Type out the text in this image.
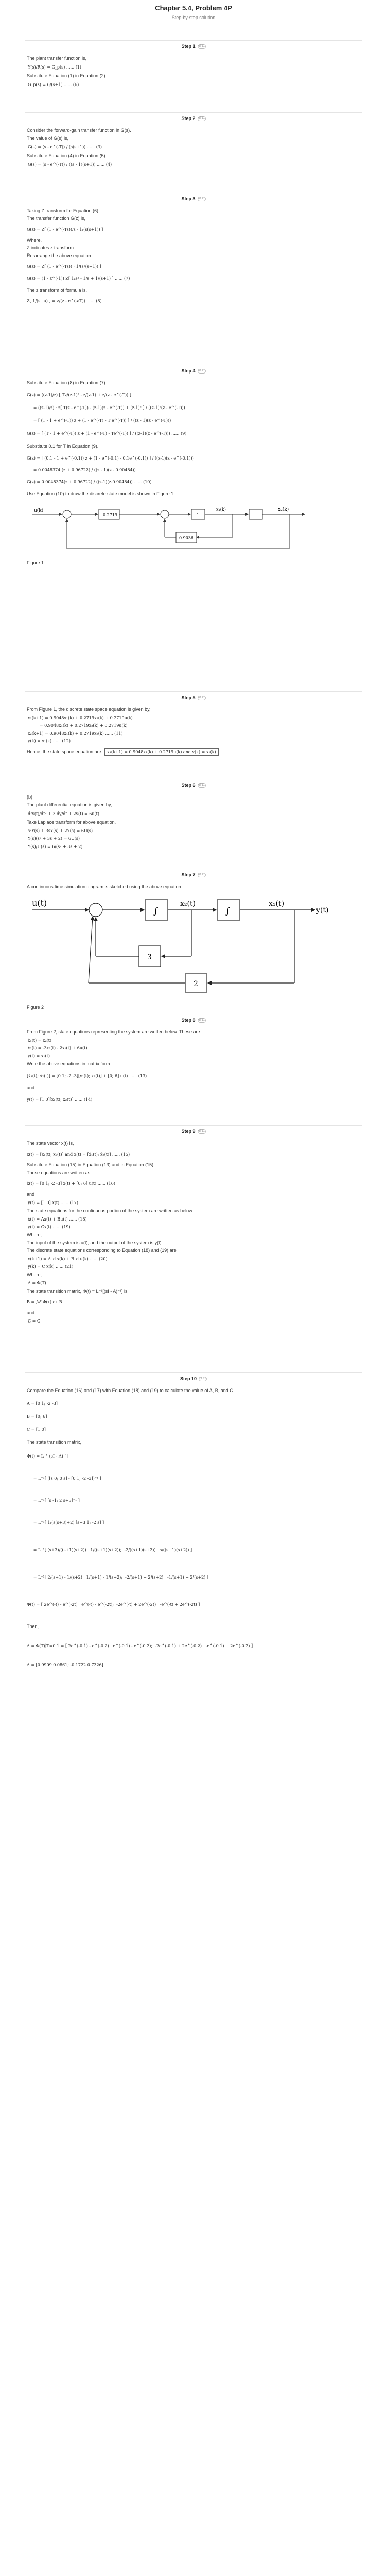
Chapter 5.4, Problem 4P
Step-by-step solution
Step 1 of 11
The plant transfer function is,
Y(s)/R(s) = G_p(s) ...... (1)
Substitute Equation (1) in Equation (2).
G_p(s) = 6/(s+1) ...... (6)
Step 2 of 11
Consider the forward-gain transfer function in G(s).
The value of G(s) is,
G(s) = (s - e^(-T)) / (s(s+1)) ...... (3)
Substitute Equation (4) in Equation (5).
G(s) = (s - e^(-T)) / ((s - 1)(s+1)) ...... (4)
Step 3 of 11
Taking Z transform for Equation (6).
The transfer function G(z) is,
G(z) = Z[ (1 - e^(-Ts))/s · 1/(s(s+1)) ]
Where,
Z indicates z transform.
Re-arrange the above equation.
G(z) = Z[ (1 - e^(-Ts)) · 1/(s²(s+1)) ]
G(z) = (1 - z^(-1)) Z[ 1/s² - 1/s + 1/(s+1) ] ...... (7)
The z transform of formula is,
Z[ 1/(s+a) ] = z/(z - e^(-aT)) ...... (8)
Step 4 of 11
Substitute Equation (8) in Equation (7).
G(z) = ((z-1)/z) [ Tz/(z-1)² - z/(z-1) + z/(z - e^(-T)) ]
= ((z-1)/z) · z[ T(z - e^(-T)) - (z-1)(z - e^(-T)) + (z-1)² ] / ((z-1)²(z - e^(-T)))
= [ (T - 1 + e^(-T)) z + (1 - e^(-T) - T e^(-T)) ] / ((z - 1)(z - e^(-T)))
G(z) = [ (T - 1 + e^(-T)) z + (1 - e^(-T) - Te^(-T)) ] / ((z-1)(z - e^(-T))) ...... (9)
Substitute 0.1 for T in Equation (9).
G(z) = [ (0.1 - 1 + e^(-0.1)) z + (1 - e^(-0.1) - 0.1e^(-0.1)) ] / ((z-1)(z - e^(-0.1)))
= 0.0048374 (z + 0.96722) / ((z - 1)(z - 0.90484))
G(z) = 0.0048374(z + 0.96722) / ((z-1)(z-0.90484)) ...... (10)
Use Equation (10) to draw the discrete state model is shown in Figure 1.
u(k)
0.2719	1
x₁(k)	x₂(k)
0.9036
Figure 1
Step 5 of 11
From Figure 1, the discrete state space equation is given by,
x₁(k+1) = 0.9048x₁(k) + 0.2719x₂(k) + 0.2719u(k)
= 0.9048x₁(k) + 0.2719x₂(k) + 0.2719u(k)
x₂(k+1) = 0.9048x₁(k) + 0.2719x₂(k) ...... (11)
y(k) = x₁(k) ...... (12)
Hence, the state space equation are x₁(k+1) = 0.9048x₁(k) + 0.2719u(k) and y(k) = x₁(k)
Step 6 of 11
(b)
The plant differential equation is given by,
d²y(t)/dt² + 3 dy/dt + 2y(t) = 6u(t)
Take Laplace transform for above equation.
s²Y(s) + 3sY(s) + 2Y(s) = 6U(s)
Y(s)(s² + 3s + 2) = 6U(s)
Y(s)/U(s) = 6/(s² + 3s + 2)
Step 7 of 11
A continuous time simulation diagram is sketched using the above equation.
u(t)
∫
x₂(t)
∫
x₁(t)
y(t)
3
2
Figure 2
Step 8 of 11
From Figure 2, state equations representing the system are written below. These are
ẋ₁(t) = x₂(t)
ẋ₂(t) = -3x₂(t) - 2x₁(t) + 6u(t)
y(t) = x₁(t)
Write the above equations in matrix form.
[ẋ₁(t); ẋ₂(t)] = [0 1; -2 -3][x₁(t); x₂(t)] + [0; 6] u(t) ...... (13)
and
y(t) = [1 0][x₁(t); x₂(t)] ...... (14)
Step 9 of 11
The state vector x(t) is,
x(t) = [x₁(t); x₂(t)] and x(t) = [ẋ₁(t); ẋ₂(t)] ...... (15)
Substitute Equation (15) in Equation (13) and in Equation (15).
These equations are written as
ẋ(t) = [0 1; -2 -3] x(t) + [0; 6] u(t) ...... (16)
and
y(t) = [1 0] x(t) ...... (17)
The state equations for the continuous portion of the system are written as below
ẋ(t) = Ax(t) + Bu(t) ...... (18)
y(t) = Cx(t) ...... (19)
Where,
The input of the system is u(t), and the output of the system is y(t).
The discrete state equations corresponding to Equation (18) and (19) are
x(k+1) = A_d x(k) + B_d u(k) ...... (20)
y(k) = C x(k) ...... (21)
Where,
A = Φ(T)
The state transition matrix, Φ(t) = L⁻¹[(sI - A)⁻¹] is
B = ∫₀ᵀ Φ(τ) dτ B
and
C = C
Step 10 of 11
Compare the Equation (16) and (17) with Equation (18) and (19) to calculate the value of A, B, and C.
A = [0 1; -2 -3]
B = [0; 6]
C = [1 0]
The state transition matrix,
Φ(t) = L⁻¹[(sI - A)⁻¹]
= L⁻¹[ ([s 0; 0 s] - [0 1; -2 -3])⁻¹ ]
= L⁻¹[ [s -1; 2 s+3]⁻¹ ]
= L⁻¹[ 1/(s(s+3)+2) [s+3 1; -2 s] ]
= L⁻¹[ (s+3)/((s+1)(s+2))   1/((s+1)(s+2));  -2/((s+1)(s+2))   s/((s+1)(s+2)) ]
= L⁻¹[ 2/(s+1) - 1/(s+2)   1/(s+1) - 1/(s+2);  -2/(s+1) + 2/(s+2)   -1/(s+1) + 2/(s+2) ]
Φ(t) = [ 2e^(-t) - e^(-2t)   e^(-t) - e^(-2t);  -2e^(-t) + 2e^(-2t)   -e^(-t) + 2e^(-2t) ]
Then,
A = Φ(T)|T=0.1 = [ 2e^(-0.1) - e^(-0.2)   e^(-0.1) - e^(-0.2);  -2e^(-0.1) + 2e^(-0.2)   -e^(-0.1) + 2e^(-0.2) ]
A = [0.9909 0.0861; -0.1722 0.7326]
